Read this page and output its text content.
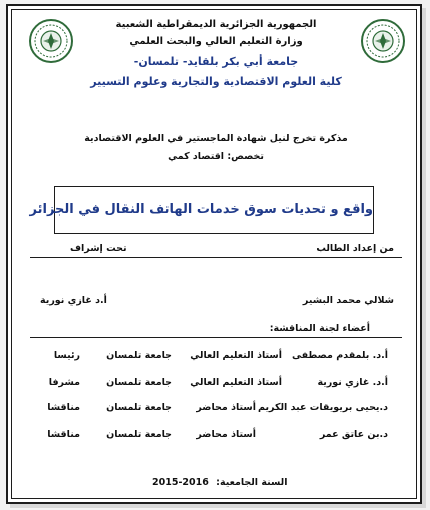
الجمهورية الجزائرية الديمقراطية الشعبية
وزارة التعليم العالي والبحث العلمي
جامعة أبي بكر بلقايد- تلمسان-
كلية العلوم الاقتصادية والتجارية وعلوم التسيير
مذكرة تخرج لنيل شهادة الماجستير في العلوم الاقتصادية
تخصص: اقتصاد كمي
واقع و تحديات سوق خدمات الهاتف النقال في الجزائر
من إعداد الطالب
تحت إشراف
شلالي محمد البشير
أ.د غازي نورية
أعضاء لجنة المناقشة:
أ.د. بلمقدم مصطفى
أستاذ التعليم العالي
جامعة تلمسان
رئيسا
أ.د. غازي نورية
أستاذ التعليم العالي
جامعة تلمسان
مشرفا
د.يحيى بريويقات عبد الكريم
أستاذ محاضر
جامعة تلمسان
مناقشا
د.بن عاتق عمر
أستاذ محاضر
جامعة تلمسان
مناقشا
السنة الجامعية: 2015-2016
